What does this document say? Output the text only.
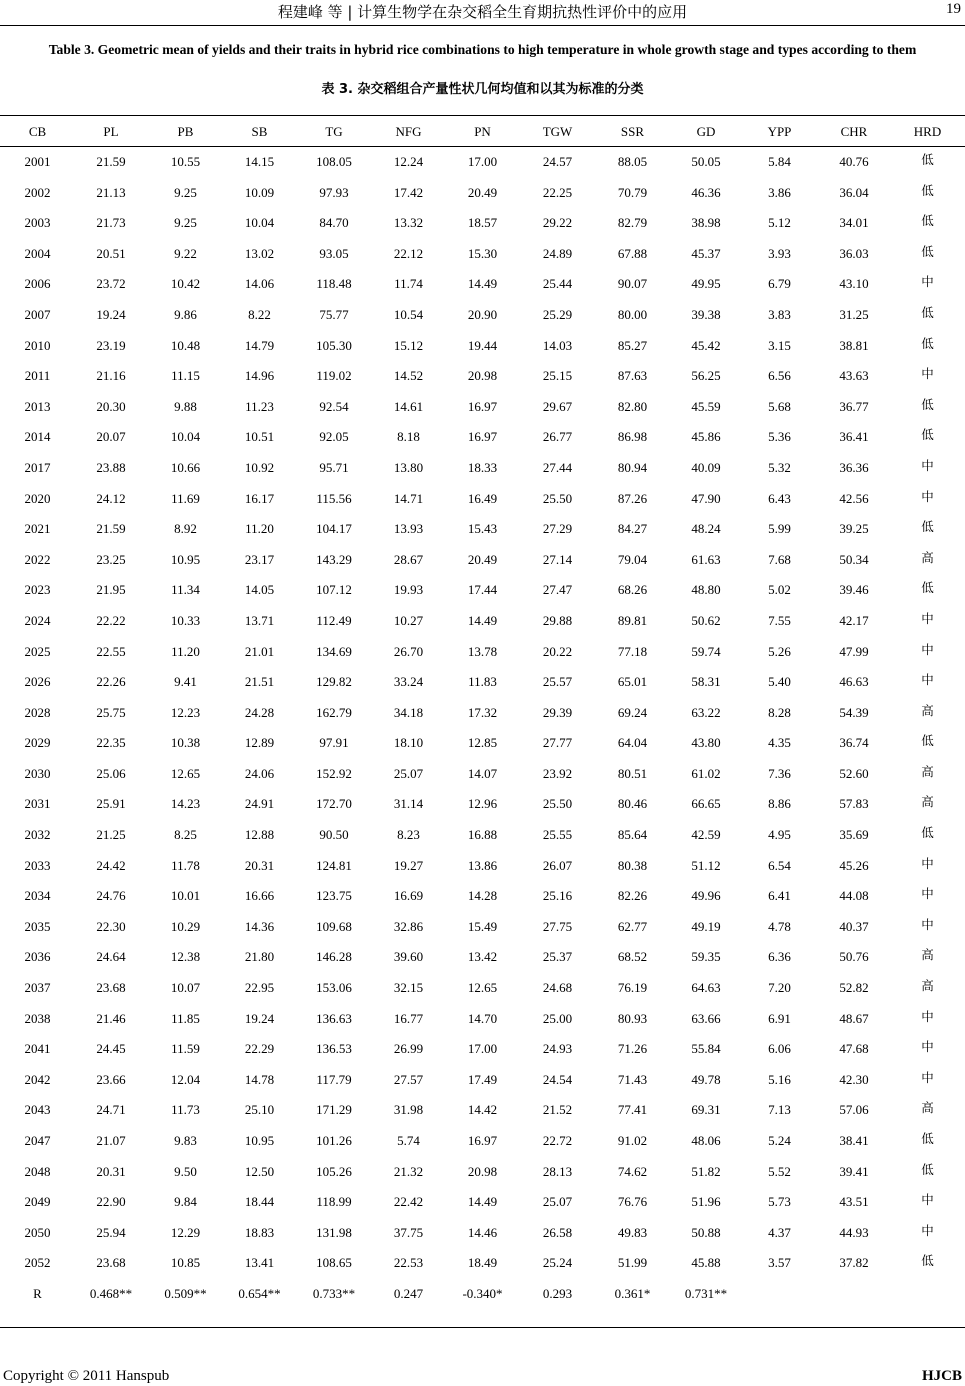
程建峰 等 | 计算生物学在杂交稻全生育期抗热性评价中的应用	19
Table 3. Geometric mean of yields and their traits in hybrid rice combinations to high temperature in whole growth stage and types according to them
表 3. 杂交稻组合产量性状几何均值和以其为标准的分类
CB	PL	PB	SB	TG	NFG	PN	TGW	SSR	GD	YPP	CHR	HRD
2001	21.59	10.55	14.15	108.05	12.24	17.00	24.57	88.05	50.05	5.84	40.76	低
2002	21.13	9.25	10.09	97.93	17.42	20.49	22.25	70.79	46.36	3.86	36.04	低
2003	21.73	9.25	10.04	84.70	13.32	18.57	29.22	82.79	38.98	5.12	34.01	低
2004	20.51	9.22	13.02	93.05	22.12	15.30	24.89	67.88	45.37	3.93	36.03	低
2006	23.72	10.42	14.06	118.48	11.74	14.49	25.44	90.07	49.95	6.79	43.10	中
2007	19.24	9.86	8.22	75.77	10.54	20.90	25.29	80.00	39.38	3.83	31.25	低
2010	23.19	10.48	14.79	105.30	15.12	19.44	14.03	85.27	45.42	3.15	38.81	低
2011	21.16	11.15	14.96	119.02	14.52	20.98	25.15	87.63	56.25	6.56	43.63	中
2013	20.30	9.88	11.23	92.54	14.61	16.97	29.67	82.80	45.59	5.68	36.77	低
2014	20.07	10.04	10.51	92.05	8.18	16.97	26.77	86.98	45.86	5.36	36.41	低
2017	23.88	10.66	10.92	95.71	13.80	18.33	27.44	80.94	40.09	5.32	36.36	中
2020	24.12	11.69	16.17	115.56	14.71	16.49	25.50	87.26	47.90	6.43	42.56	中
2021	21.59	8.92	11.20	104.17	13.93	15.43	27.29	84.27	48.24	5.99	39.25	低
2022	23.25	10.95	23.17	143.29	28.67	20.49	27.14	79.04	61.63	7.68	50.34	高
2023	21.95	11.34	14.05	107.12	19.93	17.44	27.47	68.26	48.80	5.02	39.46	低
2024	22.22	10.33	13.71	112.49	10.27	14.49	29.88	89.81	50.62	7.55	42.17	中
2025	22.55	11.20	21.01	134.69	26.70	13.78	20.22	77.18	59.74	5.26	47.99	中
2026	22.26	9.41	21.51	129.82	33.24	11.83	25.57	65.01	58.31	5.40	46.63	中
2028	25.75	12.23	24.28	162.79	34.18	17.32	29.39	69.24	63.22	8.28	54.39	高
2029	22.35	10.38	12.89	97.91	18.10	12.85	27.77	64.04	43.80	4.35	36.74	低
2030	25.06	12.65	24.06	152.92	25.07	14.07	23.92	80.51	61.02	7.36	52.60	高
2031	25.91	14.23	24.91	172.70	31.14	12.96	25.50	80.46	66.65	8.86	57.83	高
2032	21.25	8.25	12.88	90.50	8.23	16.88	25.55	85.64	42.59	4.95	35.69	低
2033	24.42	11.78	20.31	124.81	19.27	13.86	26.07	80.38	51.12	6.54	45.26	中
2034	24.76	10.01	16.66	123.75	16.69	14.28	25.16	82.26	49.96	6.41	44.08	中
2035	22.30	10.29	14.36	109.68	32.86	15.49	27.75	62.77	49.19	4.78	40.37	中
2036	24.64	12.38	21.80	146.28	39.60	13.42	25.37	68.52	59.35	6.36	50.76	高
2037	23.68	10.07	22.95	153.06	32.15	12.65	24.68	76.19	64.63	7.20	52.82	高
2038	21.46	11.85	19.24	136.63	16.77	14.70	25.00	80.93	63.66	6.91	48.67	中
2041	24.45	11.59	22.29	136.53	26.99	17.00	24.93	71.26	55.84	6.06	47.68	中
2042	23.66	12.04	14.78	117.79	27.57	17.49	24.54	71.43	49.78	5.16	42.30	中
2043	24.71	11.73	25.10	171.29	31.98	14.42	21.52	77.41	69.31	7.13	57.06	高
2047	21.07	9.83	10.95	101.26	5.74	16.97	22.72	91.02	48.06	5.24	38.41	低
2048	20.31	9.50	12.50	105.26	21.32	20.98	28.13	74.62	51.82	5.52	39.41	低
2049	22.90	9.84	18.44	118.99	22.42	14.49	25.07	76.76	51.96	5.73	43.51	中
2050	25.94	12.29	18.83	131.98	37.75	14.46	26.58	49.83	50.88	4.37	44.93	中
2052	23.68	10.85	13.41	108.65	22.53	18.49	25.24	51.99	45.88	3.57	37.82	低
R	0.468**	0.509**	0.654**	0.733**	0.247	-0.340*	0.293	0.361*	0.731**			
Copyright © 2011 Hanspub	HJCB
